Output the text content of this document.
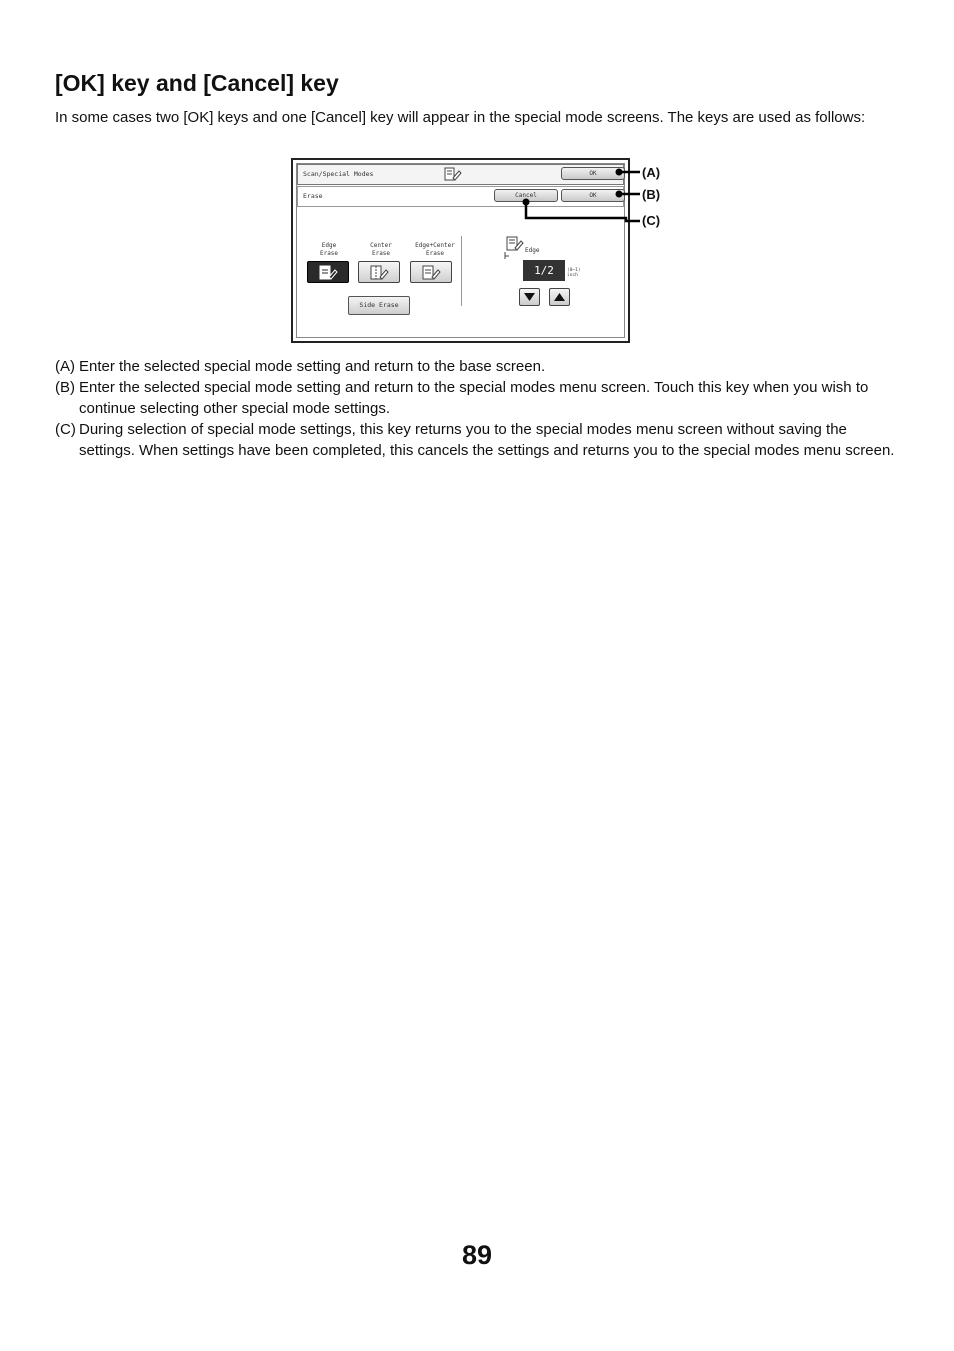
[OK] key and [Cancel] key

In some cases two [OK] keys and one [Cancel] key will appear in the special mode screens. The keys are used as follows:

Scan/Special Modes	OK
Erase	Cancel	OK
Edge
Erase
Center
Erase
Edge+Center
Erase
Side Erase
Edge
1/2	(0~1)
inch
(A)
(B)
(C)
(A) Enter the selected special mode setting and return to the base screen.
(B) Enter the selected special mode setting and return to the special modes menu screen. Touch this key when you wish to continue selecting other special mode settings.
(C) During selection of special mode settings, this key returns you to the special modes menu screen without saving the settings. When settings have been completed, this cancels the settings and returns you to the special modes menu screen.
89
